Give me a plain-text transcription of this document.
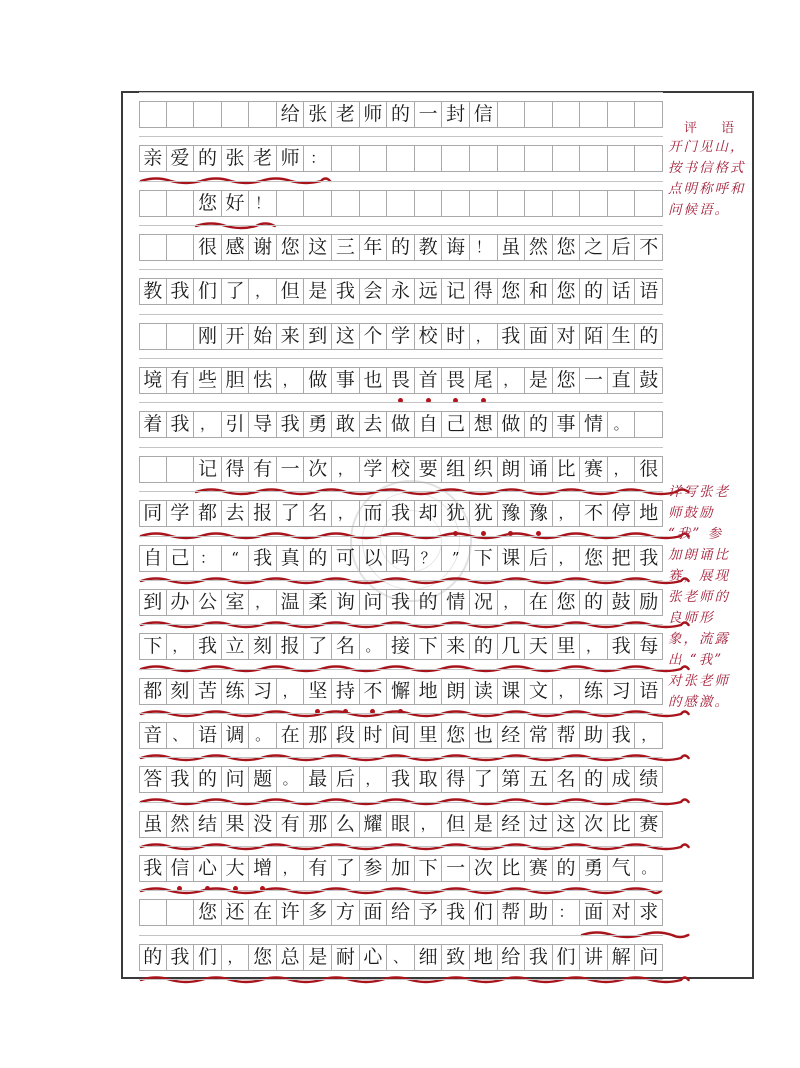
给 张 老 师 的 一 封 信
亲 爱 的 张 老 师 ：
您 好 ！
很 感 谢 您 这 三 年 的 教 诲 ！ 虽 然 您 之 后 不
教 我 们 了 ， 但 是 我 会 永 远 记 得 您 和 您 的 话 语
刚 开 始 来 到 这 个 学 校 时 ， 我 面 对 陌 生 的
境 有 些 胆 怯 ， 做 事 也 畏 首 畏 尾 ， 是 您 一 直 鼓
着 我 ， 引 导 我 勇 敢 去 做 自 己 想 做 的 事 情 。
记 得 有 一 次 ， 学 校 要 组 织 朗 诵 比 赛 ， 很
同 学 都 去 报 了 名 ， 而 我 却 犹 犹 豫 豫 ， 不 停 地
自 己 ：	“ 我 真 的 可 以 吗 ？	” 下 课 后 ， 您 把 我
到 办 公 室 ， 温 柔 询 问 我 的 情 况 ， 在 您 的 鼓 励
下 ， 我 立 刻 报 了 名 。 接 下 来 的 几 天 里 ， 我 每
都 刻 苦 练 习 ， 坚 持 不 懈 地 朗 读 课 文 ， 练 习 语
音 、 语 调 。 在 那 段 时 间 里 您 也 经 常 帮 助 我 ，
答 我 的 问 题 。 最 后 ， 我 取 得 了 第 五 名 的 成 绩
虽 然 结 果 没 有 那 么 耀 眼 ， 但 是 经 过 这 次 比 赛
我 信 心 大 增 ， 有 了 参 加 下 一 次 比 赛 的 勇 气 。
您 还 在 许 多 方 面 给 予 我 们 帮 助 ： 面 对 求
的 我 们 ， 您 总 是 耐 心 、 细 致 地 给 我 们 讲 解 问
评 语
开门见山，
按书信格式
点明称呼和
问候语。
详写张老
师鼓励
“我” 参
加朗诵比
赛，展现
张老师的
良师形
象，流露
出 “我”
对张老师
的感激。
